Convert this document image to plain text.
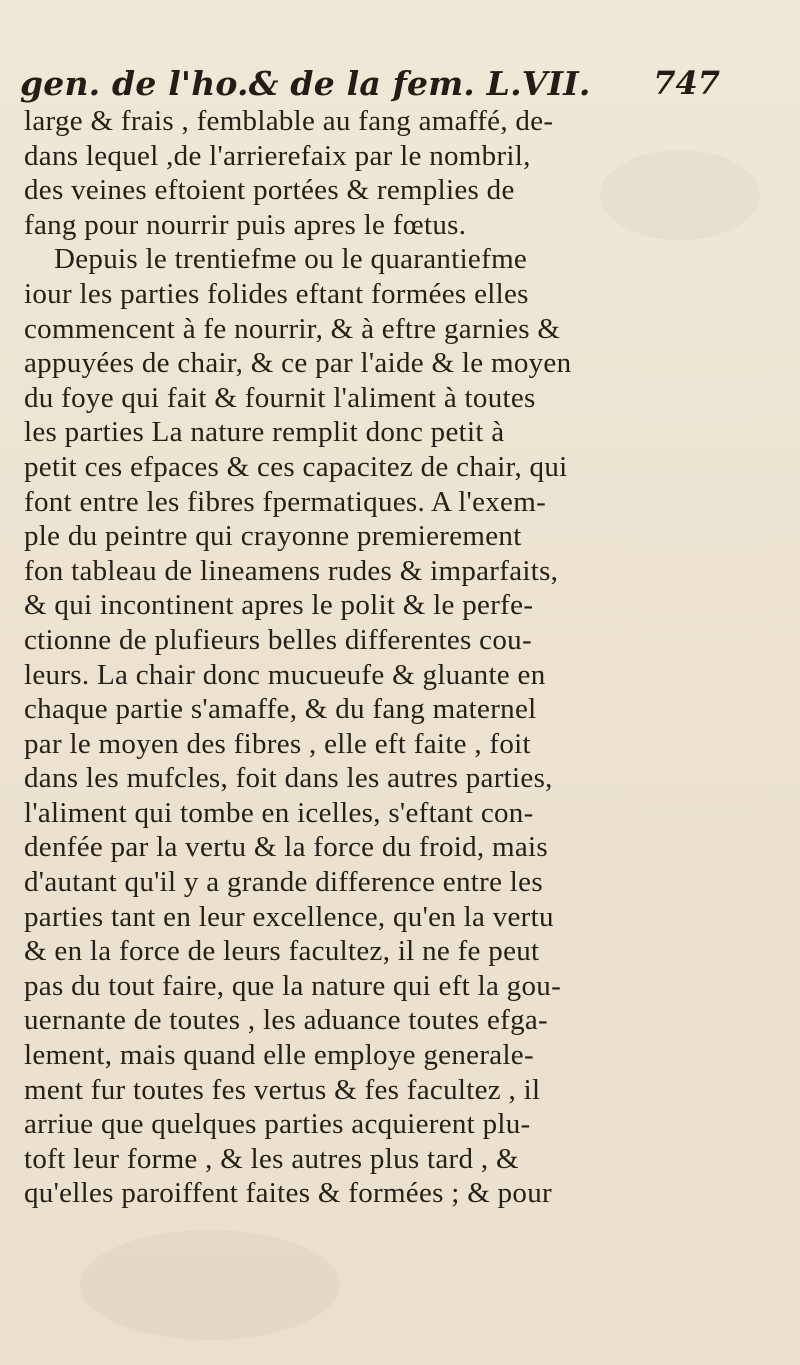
gen. de l'ho.& de la fem. L.VII. 747
large & frais , femblable au fang amaffé, de-
dans lequel ,de l'arrierefaix par le nombril,
des veines eftoient portées & remplies de
fang pour nourrir puis apres le fœtus.
Depuis le trentiefme ou le quarantiefme
iour les parties folides eftant formées elles
commencent à fe nourrir, & à eftre garnies &
appuyées de chair, & ce par l'aide & le moyen
du foye qui fait & fournit l'aliment à toutes
les parties La nature remplit donc petit à
petit ces efpaces & ces capacitez de chair, qui
font entre les fibres fpermatiques. A l'exem-
ple du peintre qui crayonne premierement
fon tableau de lineamens rudes & imparfaits,
& qui incontinent apres le polit & le perfe-
ctionne de plufieurs belles differentes cou-
leurs. La chair donc mucueufe & gluante en
chaque partie s'amaffe, & du fang maternel
par le moyen des fibres , elle eft faite , foit
dans les mufcles, foit dans les autres parties,
l'aliment qui tombe en icelles, s'eftant con-
denfée par la vertu & la force du froid, mais
d'autant qu'il y a grande difference entre les
parties tant en leur excellence, qu'en la vertu
& en la force de leurs facultez, il ne fe peut
pas du tout faire, que la nature qui eft la gou-
uernante de toutes , les aduance toutes efga-
lement, mais quand elle employe generale-
ment fur toutes fes vertus & fes facultez , il
arriue que quelques parties acquierent plu-
toft leur forme , & les autres plus tard , &
qu'elles paroiffent faites & formées ; & pour
